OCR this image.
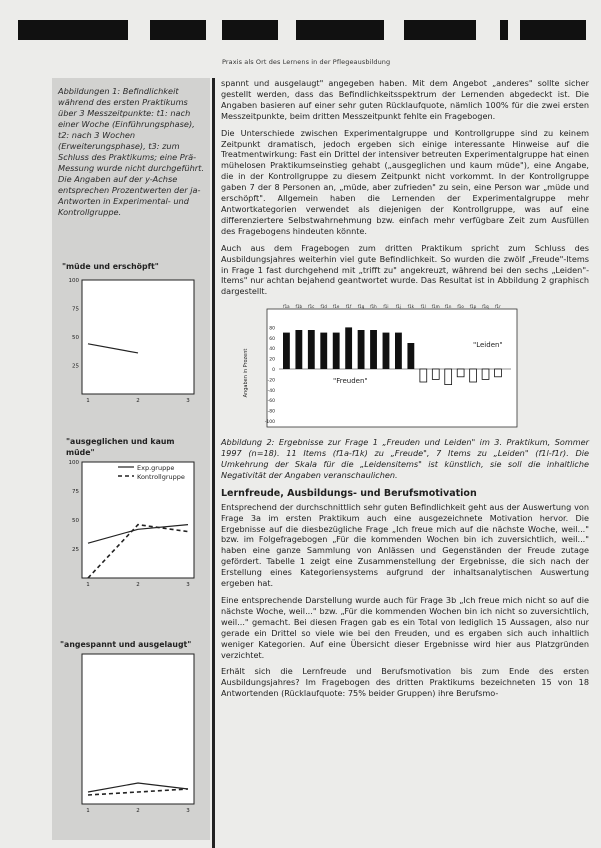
Praxis als Ort des Lernens in der Pflegeausbildung
Abbildungen 1: Befindlichkeit während des ersten Praktikums über 3 Messzeitpunkte: t1: nach einer Woche (Einführungsphase), t2: nach 3 Wochen (Erweiterungsphase), t3: zum Schluss des Praktikums; eine Prä-Messung wurde nicht durchgeführt. Die Angaben auf der y-Achse entsprechen Prozentwerten der ja-Antworten in Experimental- und Kontrollgruppe.
"müde und erschöpft"
100
75
50
25
1	2	3
"ausgeglichen und kaum müde"
100
75
50
25
1	2	3
Exp.gruppe
Kontrollgruppe
"angespannt und ausgelaugt"
1	2	3

spannt und ausgelaugt" angegeben haben. Mit dem Angebot „anderes" sollte sicher gestellt werden, dass das Befindlichkeitsspektrum der Lernenden abgedeckt ist. Die Angaben basieren auf einer sehr guten Rücklaufquote, nämlich 100% für die zwei ersten Messzeitpunkte, beim dritten Messzeitpunkt fehlte ein Fragebogen.

Die Unterschiede zwischen Experimentalgruppe und Kontrollgruppe sind zu keinem Zeitpunkt dramatisch, jedoch ergeben sich einige interessante Hinweise auf die Treatmentwirkung: Fast ein Drittel der intensiver betreuten Experimentalgruppe hat einen mühelosen Praktikumseinstieg gehabt („ausgeglichen und kaum müde"), eine Angabe, die in der Kontrollgruppe zu diesem Zeitpunkt nicht vorkommt. In der Kontrollgruppe gaben 7 der 8 Personen an, „müde, aber zufrieden" zu sein, eine Person war „müde und erschöpft". Allgemein haben die Lernenden der Experimentalgruppe mehr Antwortkategorien verwendet als diejenigen der Kontrollgruppe, was auf eine differenziertere Selbstwahrnehmung bzw. einfach mehr verfügbare Zeit zum Ausfüllen des Fragebogens hindeuten könnte.

Auch aus dem Fragebogen zum dritten Praktikum spricht zum Schluss des Ausbildungsjahres weiterhin viel gute Befindlichkeit. So wurden die zwölf „Freude"-Items in Frage 1 fast durchgehend mit „trifft zu" angekreuzt, während bei den sechs „Leiden"-Items" nur achtan bejahend geantwortet wurde. Das Resultat ist in Abbildung 2 graphisch dargestellt.

80
60
40
20
0
-20
-40
-60
-80
-100
f1a f1b f1c f1d f1e f1f f1g f1h f1i f1j f1k f1l f1m f1n f1o f1p f1q f1r
Angaben in Prozent	"Freuden"
"Leiden"

Abbildung 2: Ergebnisse zur Frage 1 „Freuden und Leiden" im 3. Praktikum, Sommer 1997 (n=18). 11 Items (f1a-f1k) zu „Freude", 7 Items zu „Leiden" (f1l-f1r). Die Umkehrung der Skala für die „Leidensitems" ist künstlich, sie soll die inhaltliche Negativität der Angaben veranschaulichen.

Lernfreude, Ausbildungs- und Berufsmotivation

Entsprechend der durchschnittlich sehr guten Befindlichkeit geht aus der Auswertung von Frage 3a im ersten Praktikum auch eine ausgezeichnete Motivation hervor. Die Ergebnisse auf die diesbezügliche Frage „Ich freue mich auf die nächste Woche, weil..." bzw. im Folgefragebogen „Für die kommenden Wochen bin ich zuversichtlich, weil..." haben eine ganze Sammlung von Anlässen und Gegenständen der Freude zutage gefördert. Tabelle 1 zeigt eine Zusammenstellung der Ergebnisse, die sich nach der Erstellung eines Kategoriensystems aufgrund der inhaltsanalytischen Auswertung ergeben hat.

Eine entsprechende Darstellung wurde auch für Frage 3b „Ich freue mich nicht so auf die nächste Woche, weil..." bzw. „Für die kommenden Wochen bin ich nicht so zuversichtlich, weil..." gemacht. Bei diesen Fragen gab es ein Total von lediglich 15 Aussagen, also nur gerade ein Drittel so viele wie bei den Freuden, und es ergaben sich auch inhaltlich weniger Kategorien. Auf eine Übersicht dieser Ergebnisse wird hier aus Platzgründen verzichtet.

Erhält sich die Lernfreude und Berufsmotivation bis zum Ende des ersten Ausbildungsjahres? Im Fragebogen des dritten Praktikums bezeichneten 15 von 18 Antwortenden (Rücklaufquote: 75% beider Gruppen) ihre Berufsmo-
